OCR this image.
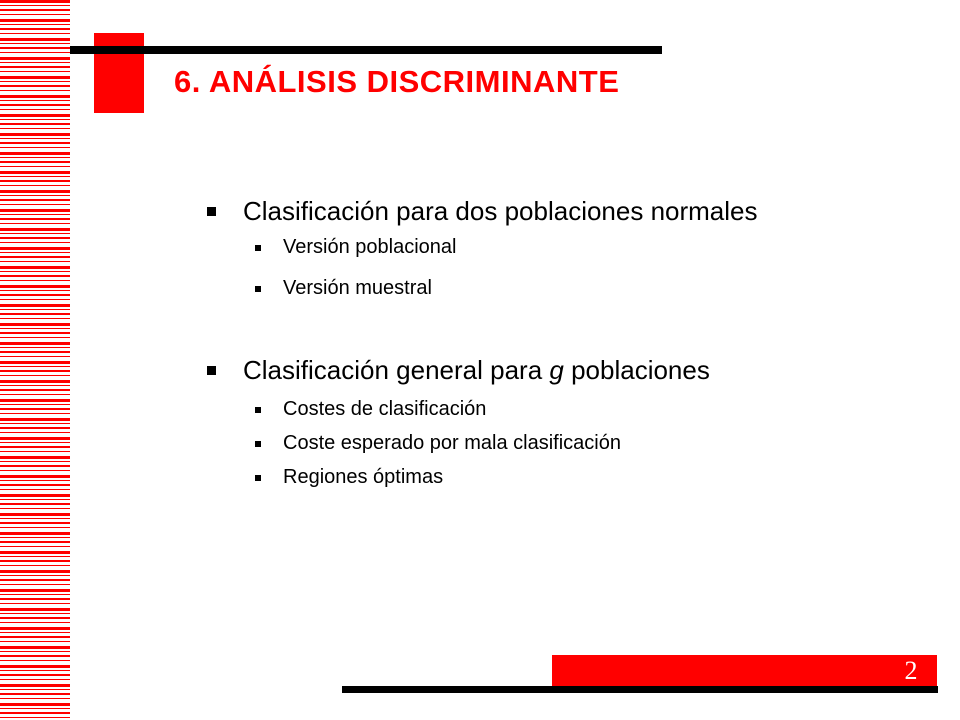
6. ANÁLISIS DISCRIMINANTE
Clasificación para dos poblaciones normales
Versión poblacional
Versión muestral
Clasificación general para g poblaciones
Costes de clasificación
Coste esperado por mala clasificación
Regiones óptimas
2
